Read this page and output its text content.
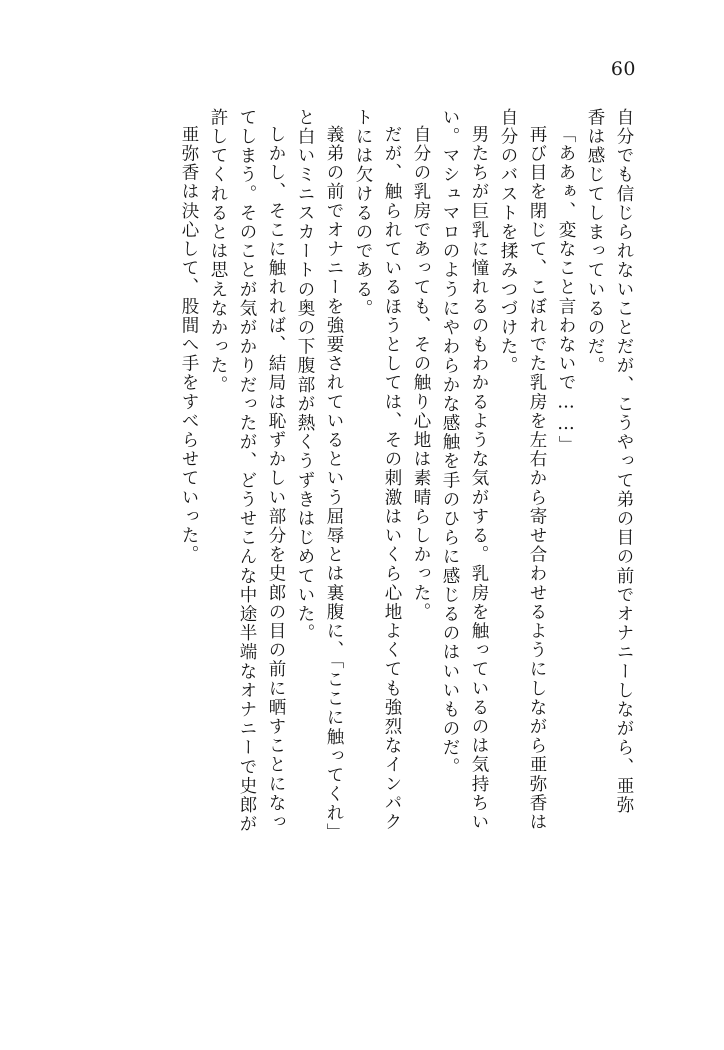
60
自分でも信じられないことだが、こうやって弟の目の前でオナニーしながら、亜弥
香は感じてしまっているのだ。
「ああぁ、変なこと言わないで……」
再び目を閉じて、こぼれでた乳房を左右から寄せ合わせるようにしながら亜弥香は
自分のバストを揉みつづけた。
男たちが巨乳に憧れるのもわかるような気がする。乳房を触っているのは気持ちい
い。マシュマロのようにやわらかな感触を手のひらに感じるのはいいものだ。
自分の乳房であっても、その触り心地は素晴らしかった。
だが、触られているほうとしては、その刺激はいくら心地よくても強烈なインパク
トには欠けるのである。
義弟の前でオナニーを強要されているという屈辱とは裏腹に、「ここに触ってくれ」
と白いミニスカートの奥の下腹部が熱くうずきはじめていた。
しかし、そこに触れれば、結局は恥ずかしい部分を史郎の目の前に晒すことになっ
てしまう。そのことが気がかりだったが、どうせこんな中途半端なオナニーで史郎が
許してくれるとは思えなかった。
亜弥香は決心して、股間へ手をすべらせていった。
